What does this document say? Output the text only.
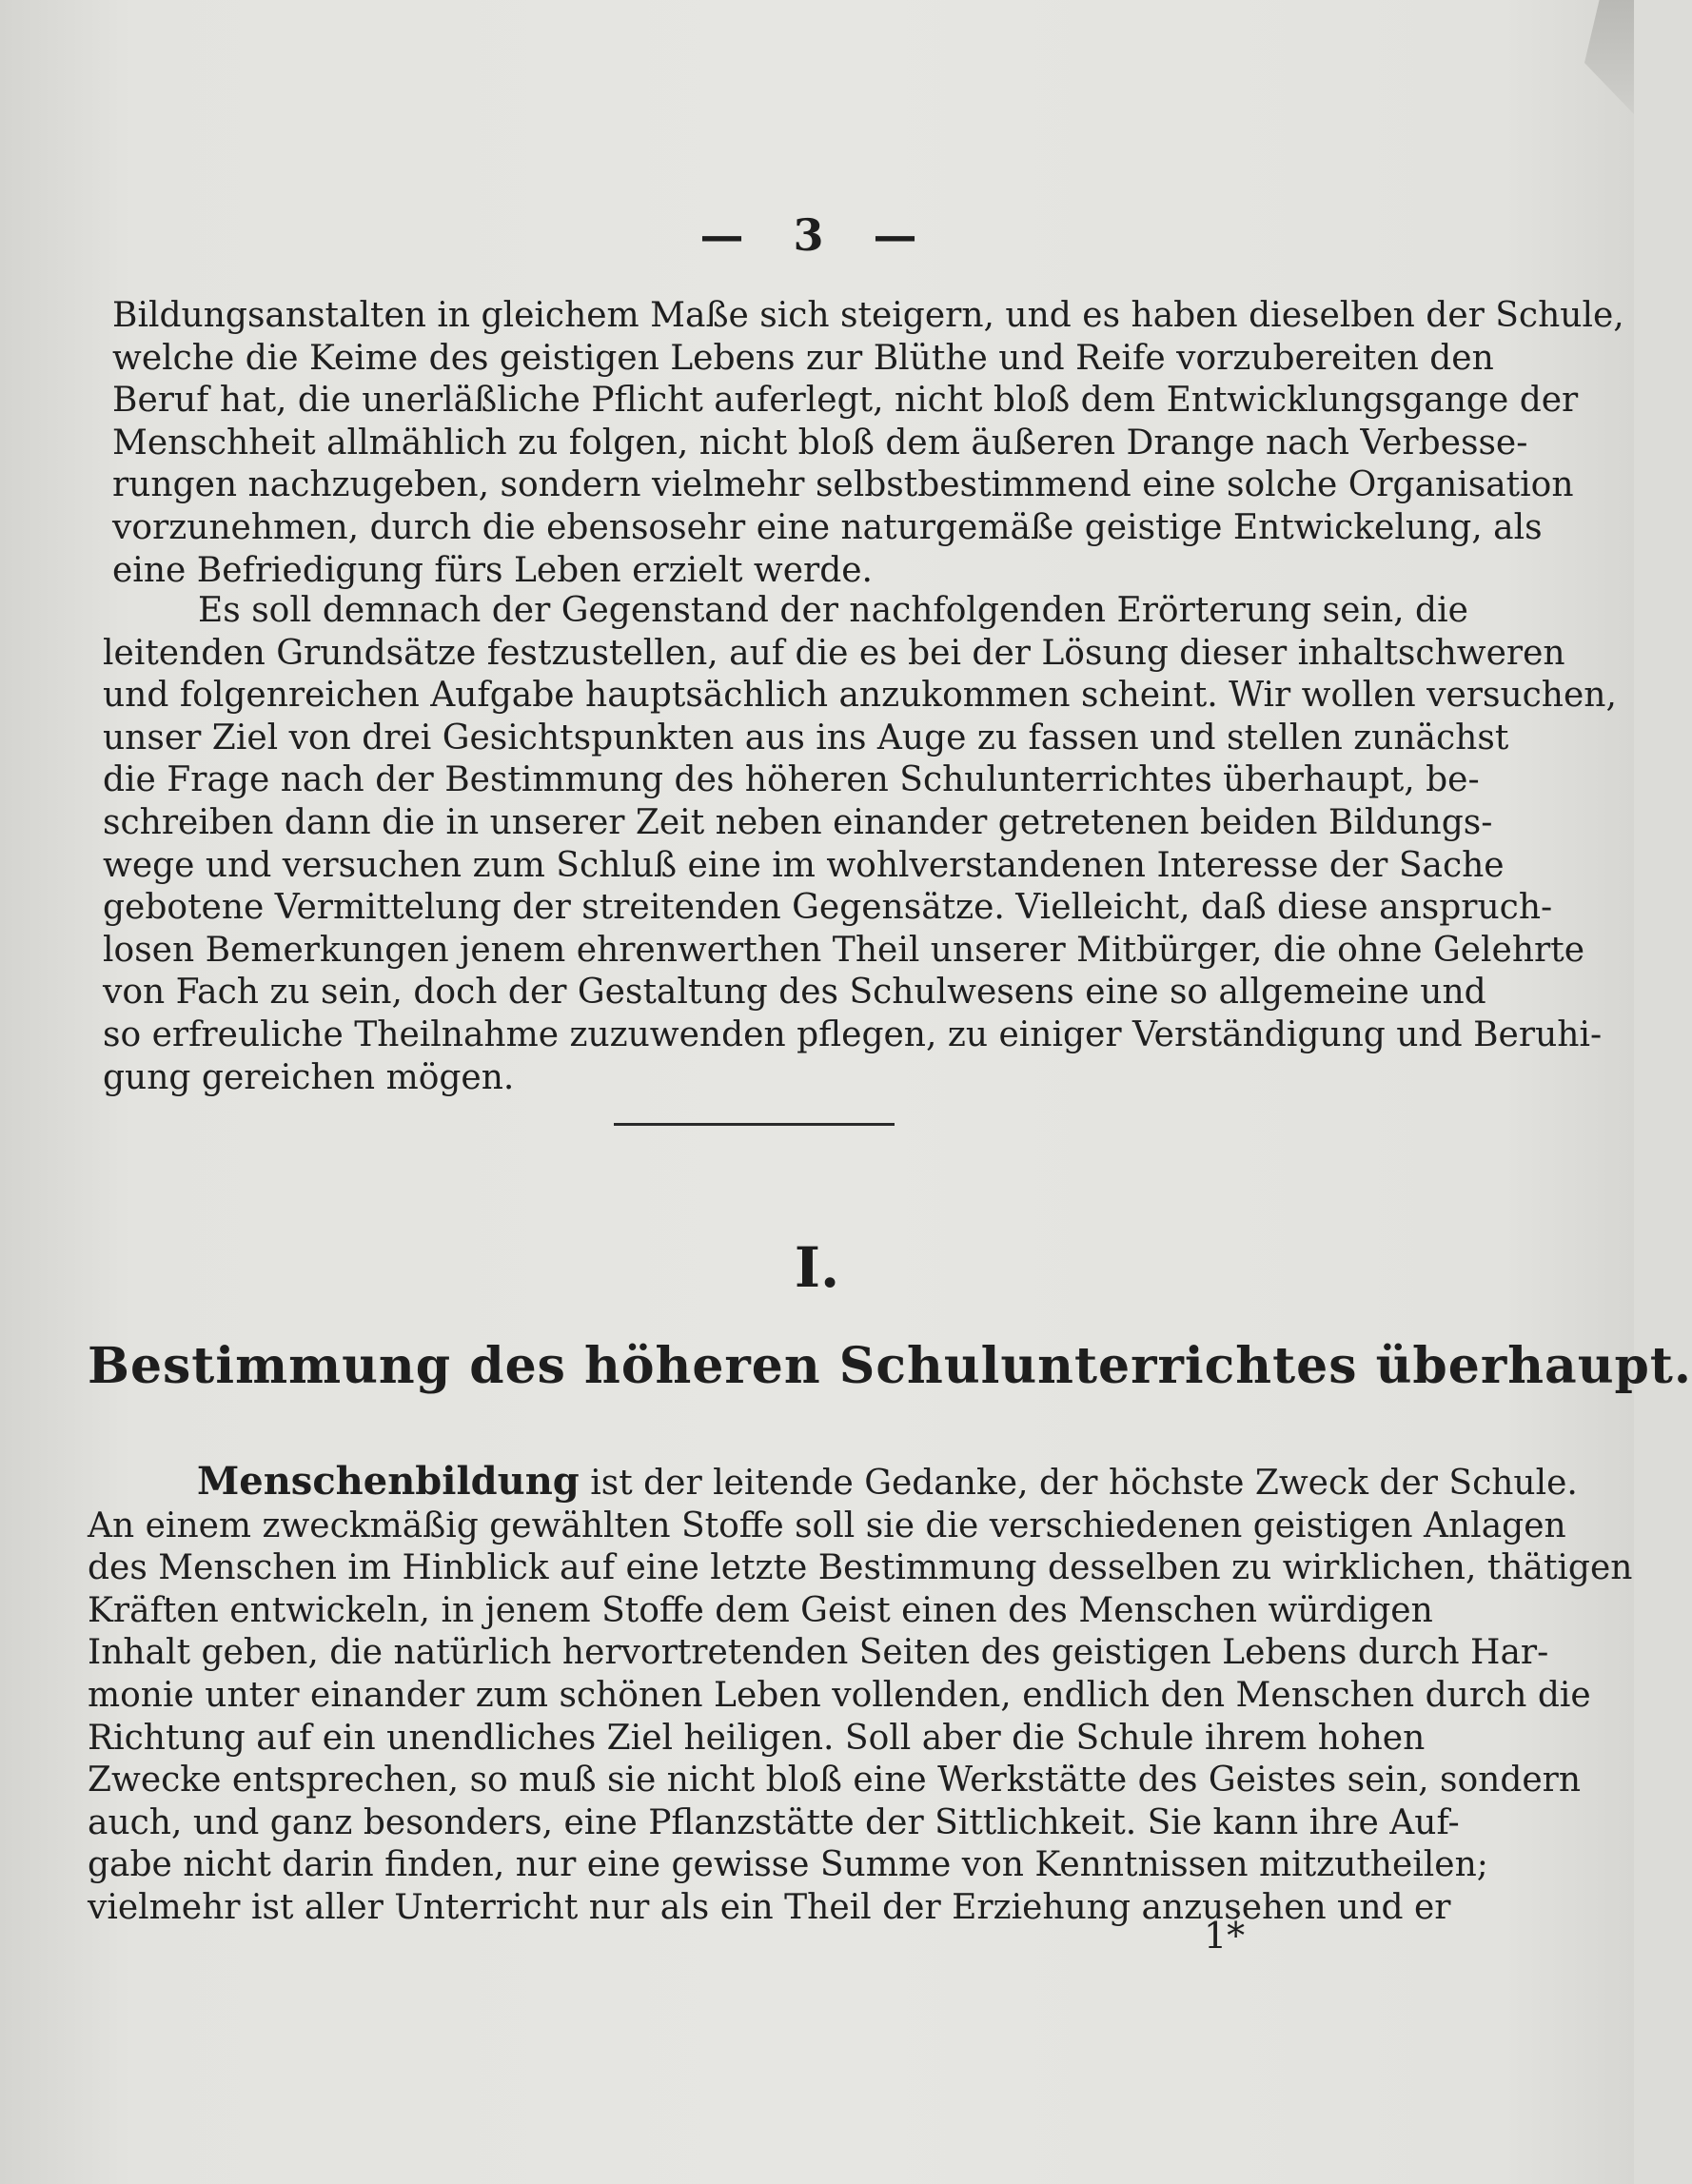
— 3 —
Bildungsanstalten in gleichem Maße sich steigern, und es haben dieselben der Schule,
welche die Keime des geistigen Lebens zur Blüthe und Reife vorzubereiten den
Beruf hat, die unerläßliche Pflicht auferlegt, nicht bloß dem Entwicklungsgange der
Menschheit allmählich zu folgen, nicht bloß dem äußeren Drange nach Verbesse-
rungen nachzugeben, sondern vielmehr selbstbestimmend eine solche Organisation
vorzunehmen, durch die ebensosehr eine naturgemäße geistige Entwickelung, als
eine Befriedigung fürs Leben erzielt werde.
Es soll demnach der Gegenstand der nachfolgenden Erörterung sein, die
leitenden Grundsätze festzustellen, auf die es bei der Lösung dieser inhaltschweren
und folgenreichen Aufgabe hauptsächlich anzukommen scheint. Wir wollen versuchen,
unser Ziel von drei Gesichtspunkten aus ins Auge zu fassen und stellen zunächst
die Frage nach der Bestimmung des höheren Schulunterrichtes überhaupt, be-
schreiben dann die in unserer Zeit neben einander getretenen beiden Bildungs-
wege und versuchen zum Schluß eine im wohlverstandenen Interesse der Sache
gebotene Vermittelung der streitenden Gegensätze. Vielleicht, daß diese anspruch-
losen Bemerkungen jenem ehrenwerthen Theil unserer Mitbürger, die ohne Gelehrte
von Fach zu sein, doch der Gestaltung des Schulwesens eine so allgemeine und
so erfreuliche Theilnahme zuzuwenden pflegen, zu einiger Verständigung und Beruhi-
gung gereichen mögen.
I.
Bestimmung des höheren Schulunterrichtes überhaupt.
Menschenbildung ist der leitende Gedanke, der höchste Zweck der Schule.
An einem zweckmäßig gewählten Stoffe soll sie die verschiedenen geistigen Anlagen
des Menschen im Hinblick auf eine letzte Bestimmung desselben zu wirklichen, thätigen
Kräften entwickeln, in jenem Stoffe dem Geist einen des Menschen würdigen
Inhalt geben, die natürlich hervortretenden Seiten des geistigen Lebens durch Har-
monie unter einander zum schönen Leben vollenden, endlich den Menschen durch die
Richtung auf ein unendliches Ziel heiligen. Soll aber die Schule ihrem hohen
Zwecke entsprechen, so muß sie nicht bloß eine Werkstätte des Geistes sein, sondern
auch, und ganz besonders, eine Pflanzstätte der Sittlichkeit. Sie kann ihre Auf-
gabe nicht darin finden, nur eine gewisse Summe von Kenntnissen mitzutheilen;
vielmehr ist aller Unterricht nur als ein Theil der Erziehung anzusehen und er
1*
